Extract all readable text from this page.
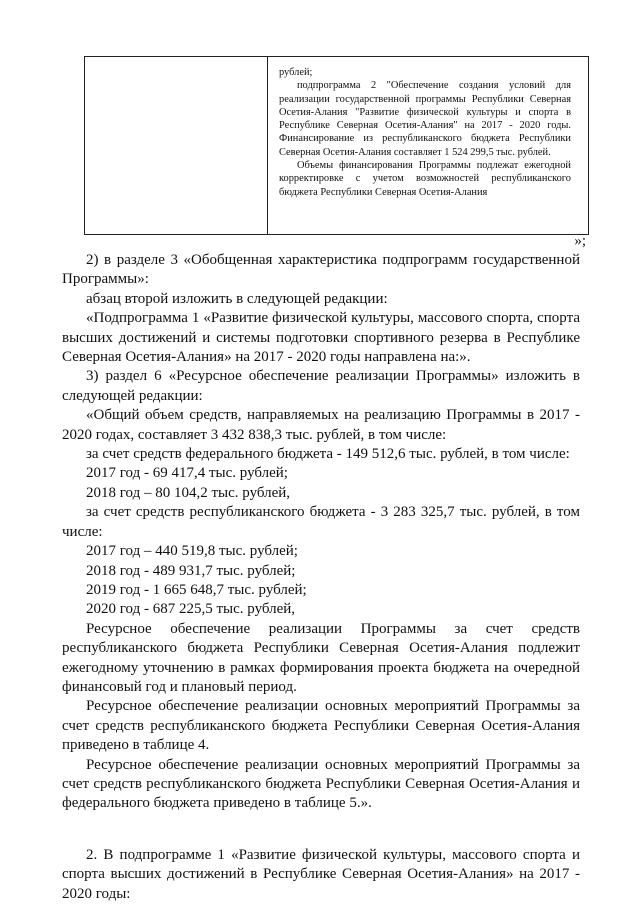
рублей;

подпрограмма 2 "Обеспечение создания условий для реализации государственной программы Республики Северная Осетия-Алания "Развитие физической культуры и спорта в Республике Северная Осетия-Алания" на 2017 - 2020 годы. Финансирование из республиканского бюджета Республики Северная Осетия-Алания составляет 1 524 299,5 тыс. рублей.

Объемы финансирования Программы подлежат ежегодной корректировке с учетом возможностей республиканского бюджета Республики Северная Осетия-Алания

»;

2) в разделе 3 «Обобщенная характеристика подпрограмм государственной Программы»:

абзац второй изложить в следующей редакции:

«Подпрограмма 1 «Развитие физической культуры, массового спорта, спорта высших достижений и системы подготовки спортивного резерва в Республике Северная Осетия-Алания» на 2017 - 2020 годы направлена на:».

3) раздел 6 «Ресурсное обеспечение реализации Программы» изложить в следующей редакции:

«Общий объем средств, направляемых на реализацию Программы в 2017 - 2020 годах, составляет 3 432 838,3 тыс. рублей, в том числе:

за счет средств федерального бюджета - 149 512,6 тыс. рублей, в том числе:

2017 год - 69 417,4 тыс. рублей;

2018 год – 80 104,2 тыс. рублей,

за счет средств республиканского бюджета - 3 283 325,7 тыс. рублей, в том числе:

2017 год – 440 519,8 тыс. рублей;

2018 год - 489 931,7 тыс. рублей;

2019 год - 1 665 648,7 тыс. рублей;

2020 год - 687 225,5 тыс. рублей,

Ресурсное обеспечение реализации Программы за счет средств республиканского бюджета Республики Северная Осетия-Алания подлежит ежегодному уточнению в рамках формирования проекта бюджета на очередной финансовый год и плановый период.

Ресурсное обеспечение реализации основных мероприятий Программы за счет средств республиканского бюджета Республики Северная Осетия-Алания приведено в таблице 4.

Ресурсное обеспечение реализации основных мероприятий Программы за счет средств республиканского бюджета Республики Северная Осетия-Алания и федерального бюджета приведено в таблице 5.».

2. В подпрограмме 1 «Развитие физической культуры, массового спорта и спорта высших достижений в Республике Северная Осетия-Алания» на 2017 - 2020 годы:
